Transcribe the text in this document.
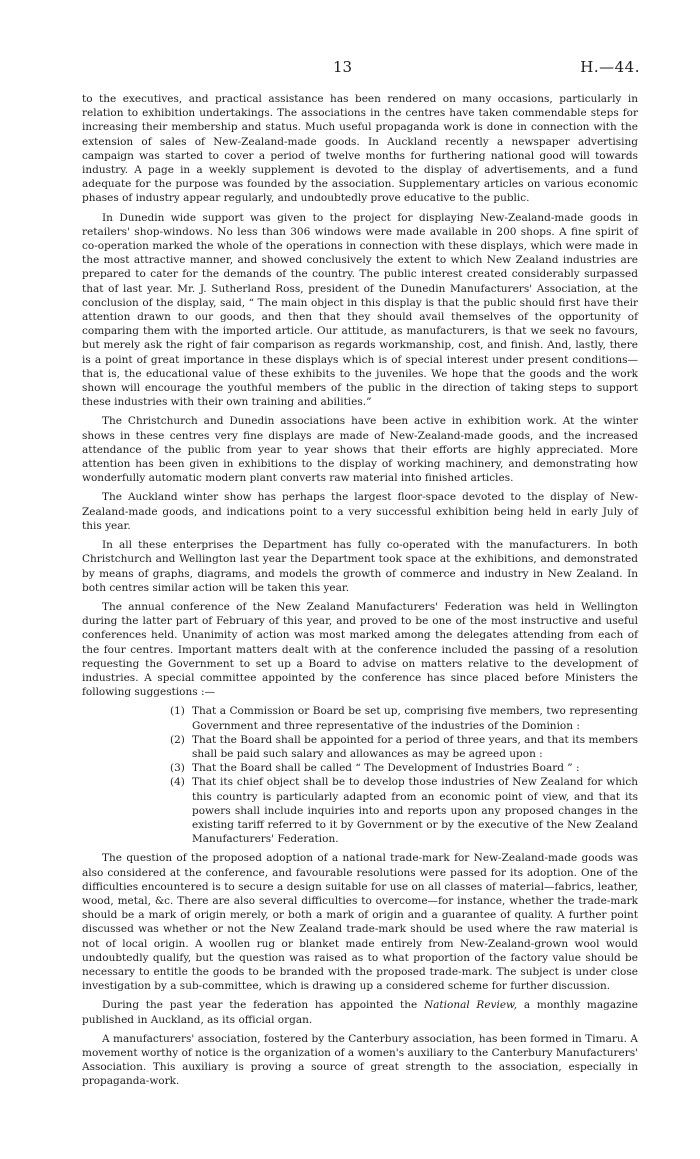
13	H.—44.

to the executives, and practical assistance has been rendered on many occasions, particularly in relation to exhibition undertakings. The associations in the centres have taken commendable steps for increasing their membership and status. Much useful propaganda work is done in connection with the extension of sales of New-Zealand-made goods. In Auckland recently a newspaper advertising campaign was started to cover a period of twelve months for furthering national good will towards industry. A page in a weekly supplement is devoted to the display of advertisements, and a fund adequate for the purpose was founded by the association. Supplementary articles on various economic phases of industry appear regularly, and undoubtedly prove educative to the public.

In Dunedin wide support was given to the project for displaying New-Zealand-made goods in retailers' shop-windows. No less than 306 windows were made available in 200 shops. A fine spirit of co-operation marked the whole of the operations in connection with these displays, which were made in the most attractive manner, and showed conclusively the extent to which New Zealand industries are prepared to cater for the demands of the country. The public interest created considerably surpassed that of last year. Mr. J. Sutherland Ross, president of the Dunedin Manufacturers' Association, at the conclusion of the display, said, “ The main object in this display is that the public should first have their attention drawn to our goods, and then that they should avail themselves of the opportunity of comparing them with the imported article. Our attitude, as manufacturers, is that we seek no favours, but merely ask the right of fair comparison as regards workmanship, cost, and finish. And, lastly, there is a point of great importance in these displays which is of special interest under present conditions—that is, the educational value of these exhibits to the juveniles. We hope that the goods and the work shown will encourage the youthful members of the public in the direction of taking steps to support these industries with their own training and abilities.”

The Christchurch and Dunedin associations have been active in exhibition work. At the winter shows in these centres very fine displays are made of New-Zealand-made goods, and the increased attendance of the public from year to year shows that their efforts are highly appreciated. More attention has been given in exhibitions to the display of working machinery, and demonstrating how wonderfully automatic modern plant converts raw material into finished articles.

The Auckland winter show has perhaps the largest floor-space devoted to the display of New-Zealand-made goods, and indications point to a very successful exhibition being held in early July of this year.

In all these enterprises the Department has fully co-operated with the manufacturers. In both Christchurch and Wellington last year the Department took space at the exhibitions, and demonstrated by means of graphs, diagrams, and models the growth of commerce and industry in New Zealand. In both centres similar action will be taken this year.

The annual conference of the New Zealand Manufacturers' Federation was held in Wellington during the latter part of February of this year, and proved to be one of the most instructive and useful conferences held. Unanimity of action was most marked among the delegates attending from each of the four centres. Important matters dealt with at the conference included the passing of a resolution requesting the Government to set up a Board to advise on matters relative to the development of industries. A special committee appointed by the conference has since placed before Ministers the following suggestions :—

(1) That a Commission or Board be set up, comprising five members, two representing Government and three representative of the industries of the Dominion :
(2) That the Board shall be appointed for a period of three years, and that its members shall be paid such salary and allowances as may be agreed upon :
(3) That the Board shall be called “ The Development of Industries Board ” :
(4) That its chief object shall be to develop those industries of New Zealand for which this country is particularly adapted from an economic point of view, and that its powers shall include inquiries into and reports upon any proposed changes in the existing tariff referred to it by Government or by the executive of the New Zealand Manufacturers' Federation.

The question of the proposed adoption of a national trade-mark for New-Zealand-made goods was also considered at the conference, and favourable resolutions were passed for its adoption. One of the difficulties encountered is to secure a design suitable for use on all classes of material—fabrics, leather, wood, metal, &c. There are also several difficulties to overcome—for instance, whether the trade-mark should be a mark of origin merely, or both a mark of origin and a guarantee of quality. A further point discussed was whether or not the New Zealand trade-mark should be used where the raw material is not of local origin. A woollen rug or blanket made entirely from New-Zealand-grown wool would undoubtedly qualify, but the question was raised as to what proportion of the factory value should be necessary to entitle the goods to be branded with the proposed trade-mark. The subject is under close investigation by a sub-committee, which is drawing up a considered scheme for further discussion.

During the past year the federation has appointed the National Review, a monthly magazine published in Auckland, as its official organ.

A manufacturers' association, fostered by the Canterbury association, has been formed in Timaru. A movement worthy of notice is the organization of a women's auxiliary to the Canterbury Manufacturers' Association. This auxiliary is proving a source of great strength to the association, especially in propaganda-work.
